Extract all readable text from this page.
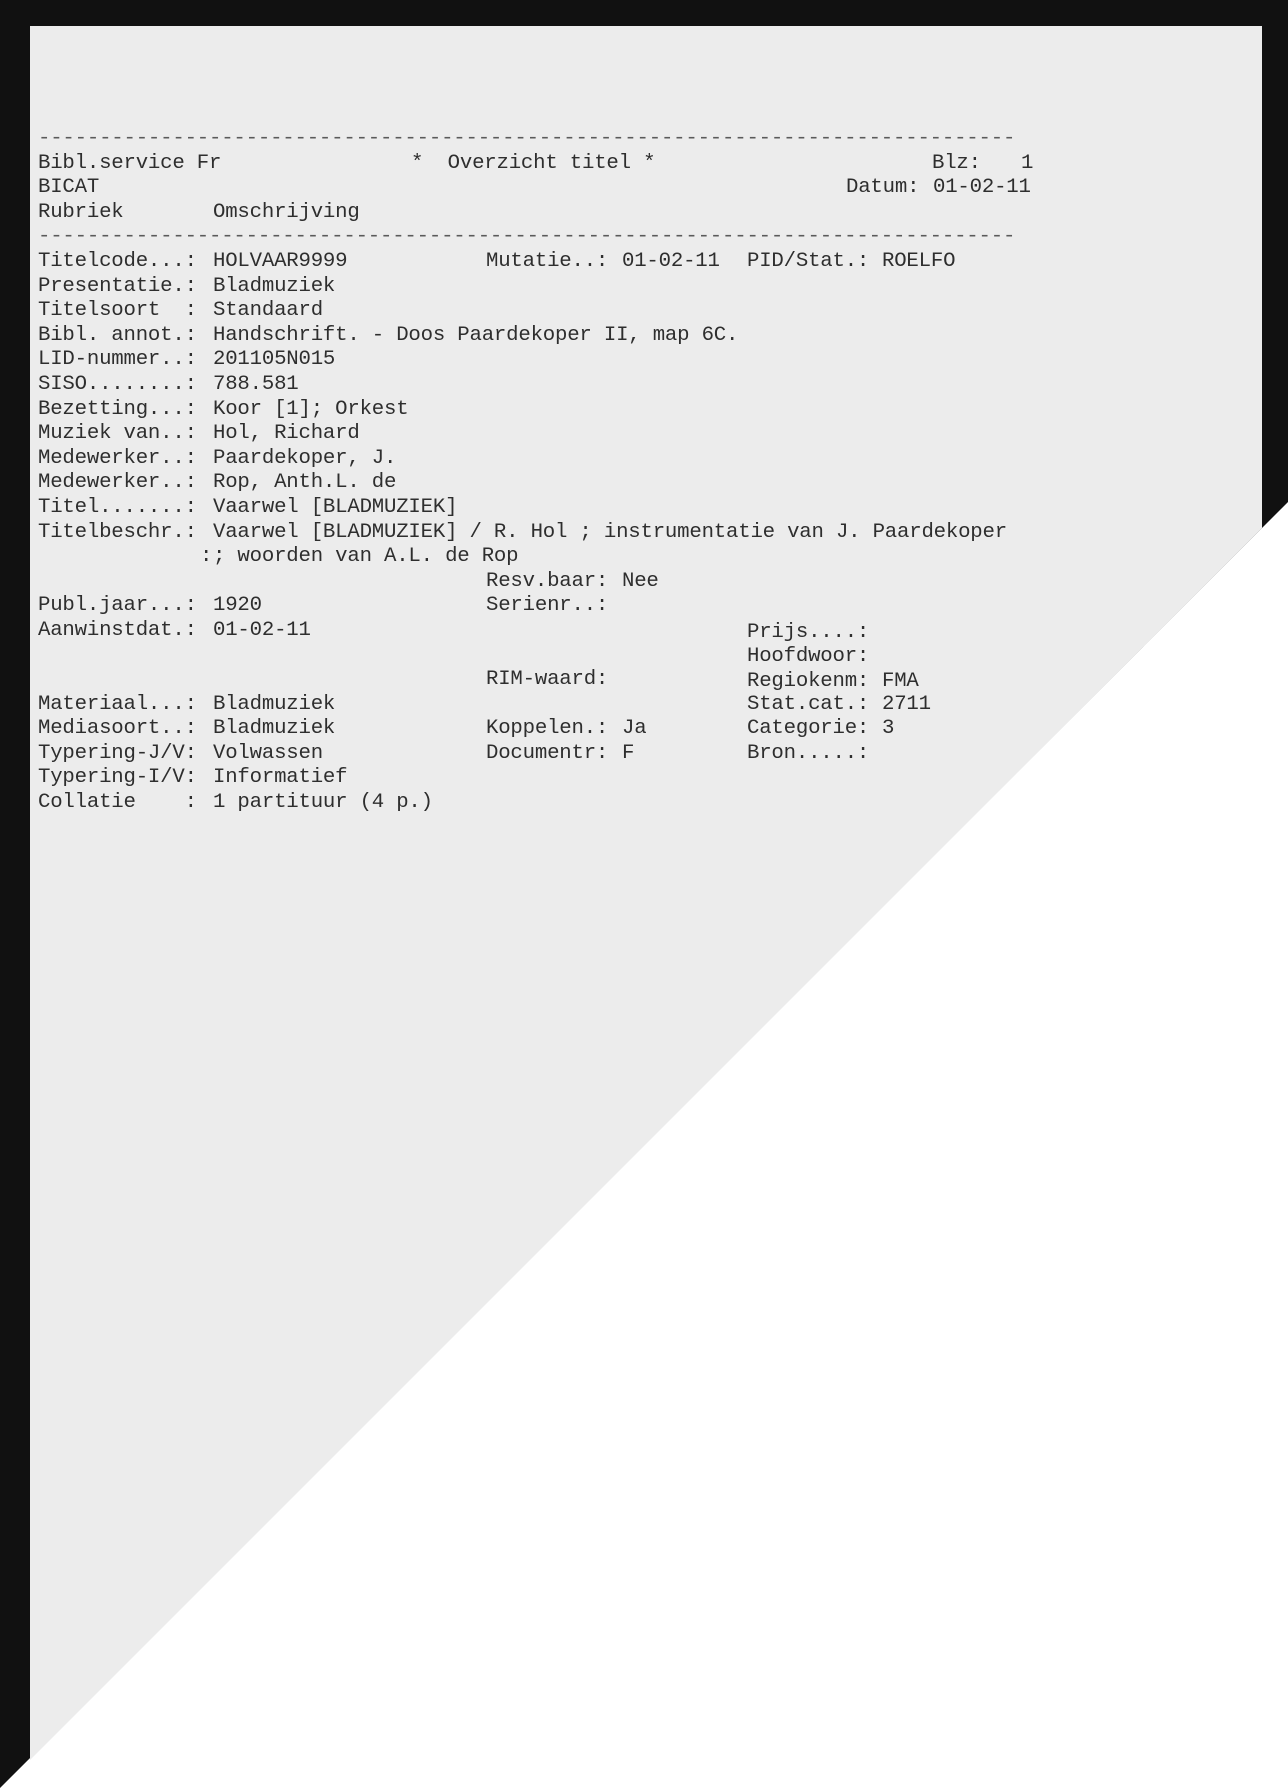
--------------------------------------------------------------------------------

Bibl.service Fr

	*  Overzicht titel *

	Blz:

1

BICAT

	Datum:

01-02-11

Rubriek

	Omschrijving

--------------------------------------------------------------------------------

Titelcode...:

HOLVAAR9999

	Mutatie..:

01-02-11

PID/Stat.:

ROELFO

Presentatie.:

Bladmuziek

Titelsoort  :

Standaard

Bibl. annot.:

Handschrift. - Doos Paardekoper II, map 6C.

LID-nummer..:

201105N015

SISO........:

788.581

Bezetting...:

Koor [1]; Orkest

Muziek van..:

Hol, Richard

Medewerker..:

Paardekoper, J.

Medewerker..:

Rop, Anth.L. de

Titel.......:

Vaarwel [BLADMUZIEK]

Titelbeschr.:

Vaarwel [BLADMUZIEK] / R. Hol ; instrumentatie van J. Paardekoper

:

; woorden van A.L. de Rop

Resv.baar:

Nee

Publ.jaar...:

1920

	Serienr..:

Aanwinstdat.:

01-02-11

	Prijs....:

Hoofdwoor:

RIM-waard:

	Regiokenm:

FMA

Materiaal...:

Bladmuziek

	Stat.cat.:

2711

Mediasoort..:

Bladmuziek

	Koppelen.:

Ja

	Categorie:

3

Typering-J/V:

Volwassen

	Documentr:

F

	Bron.....:

Typering-I/V:

Informatief

Collatie    :

1 partituur (4 p.)
